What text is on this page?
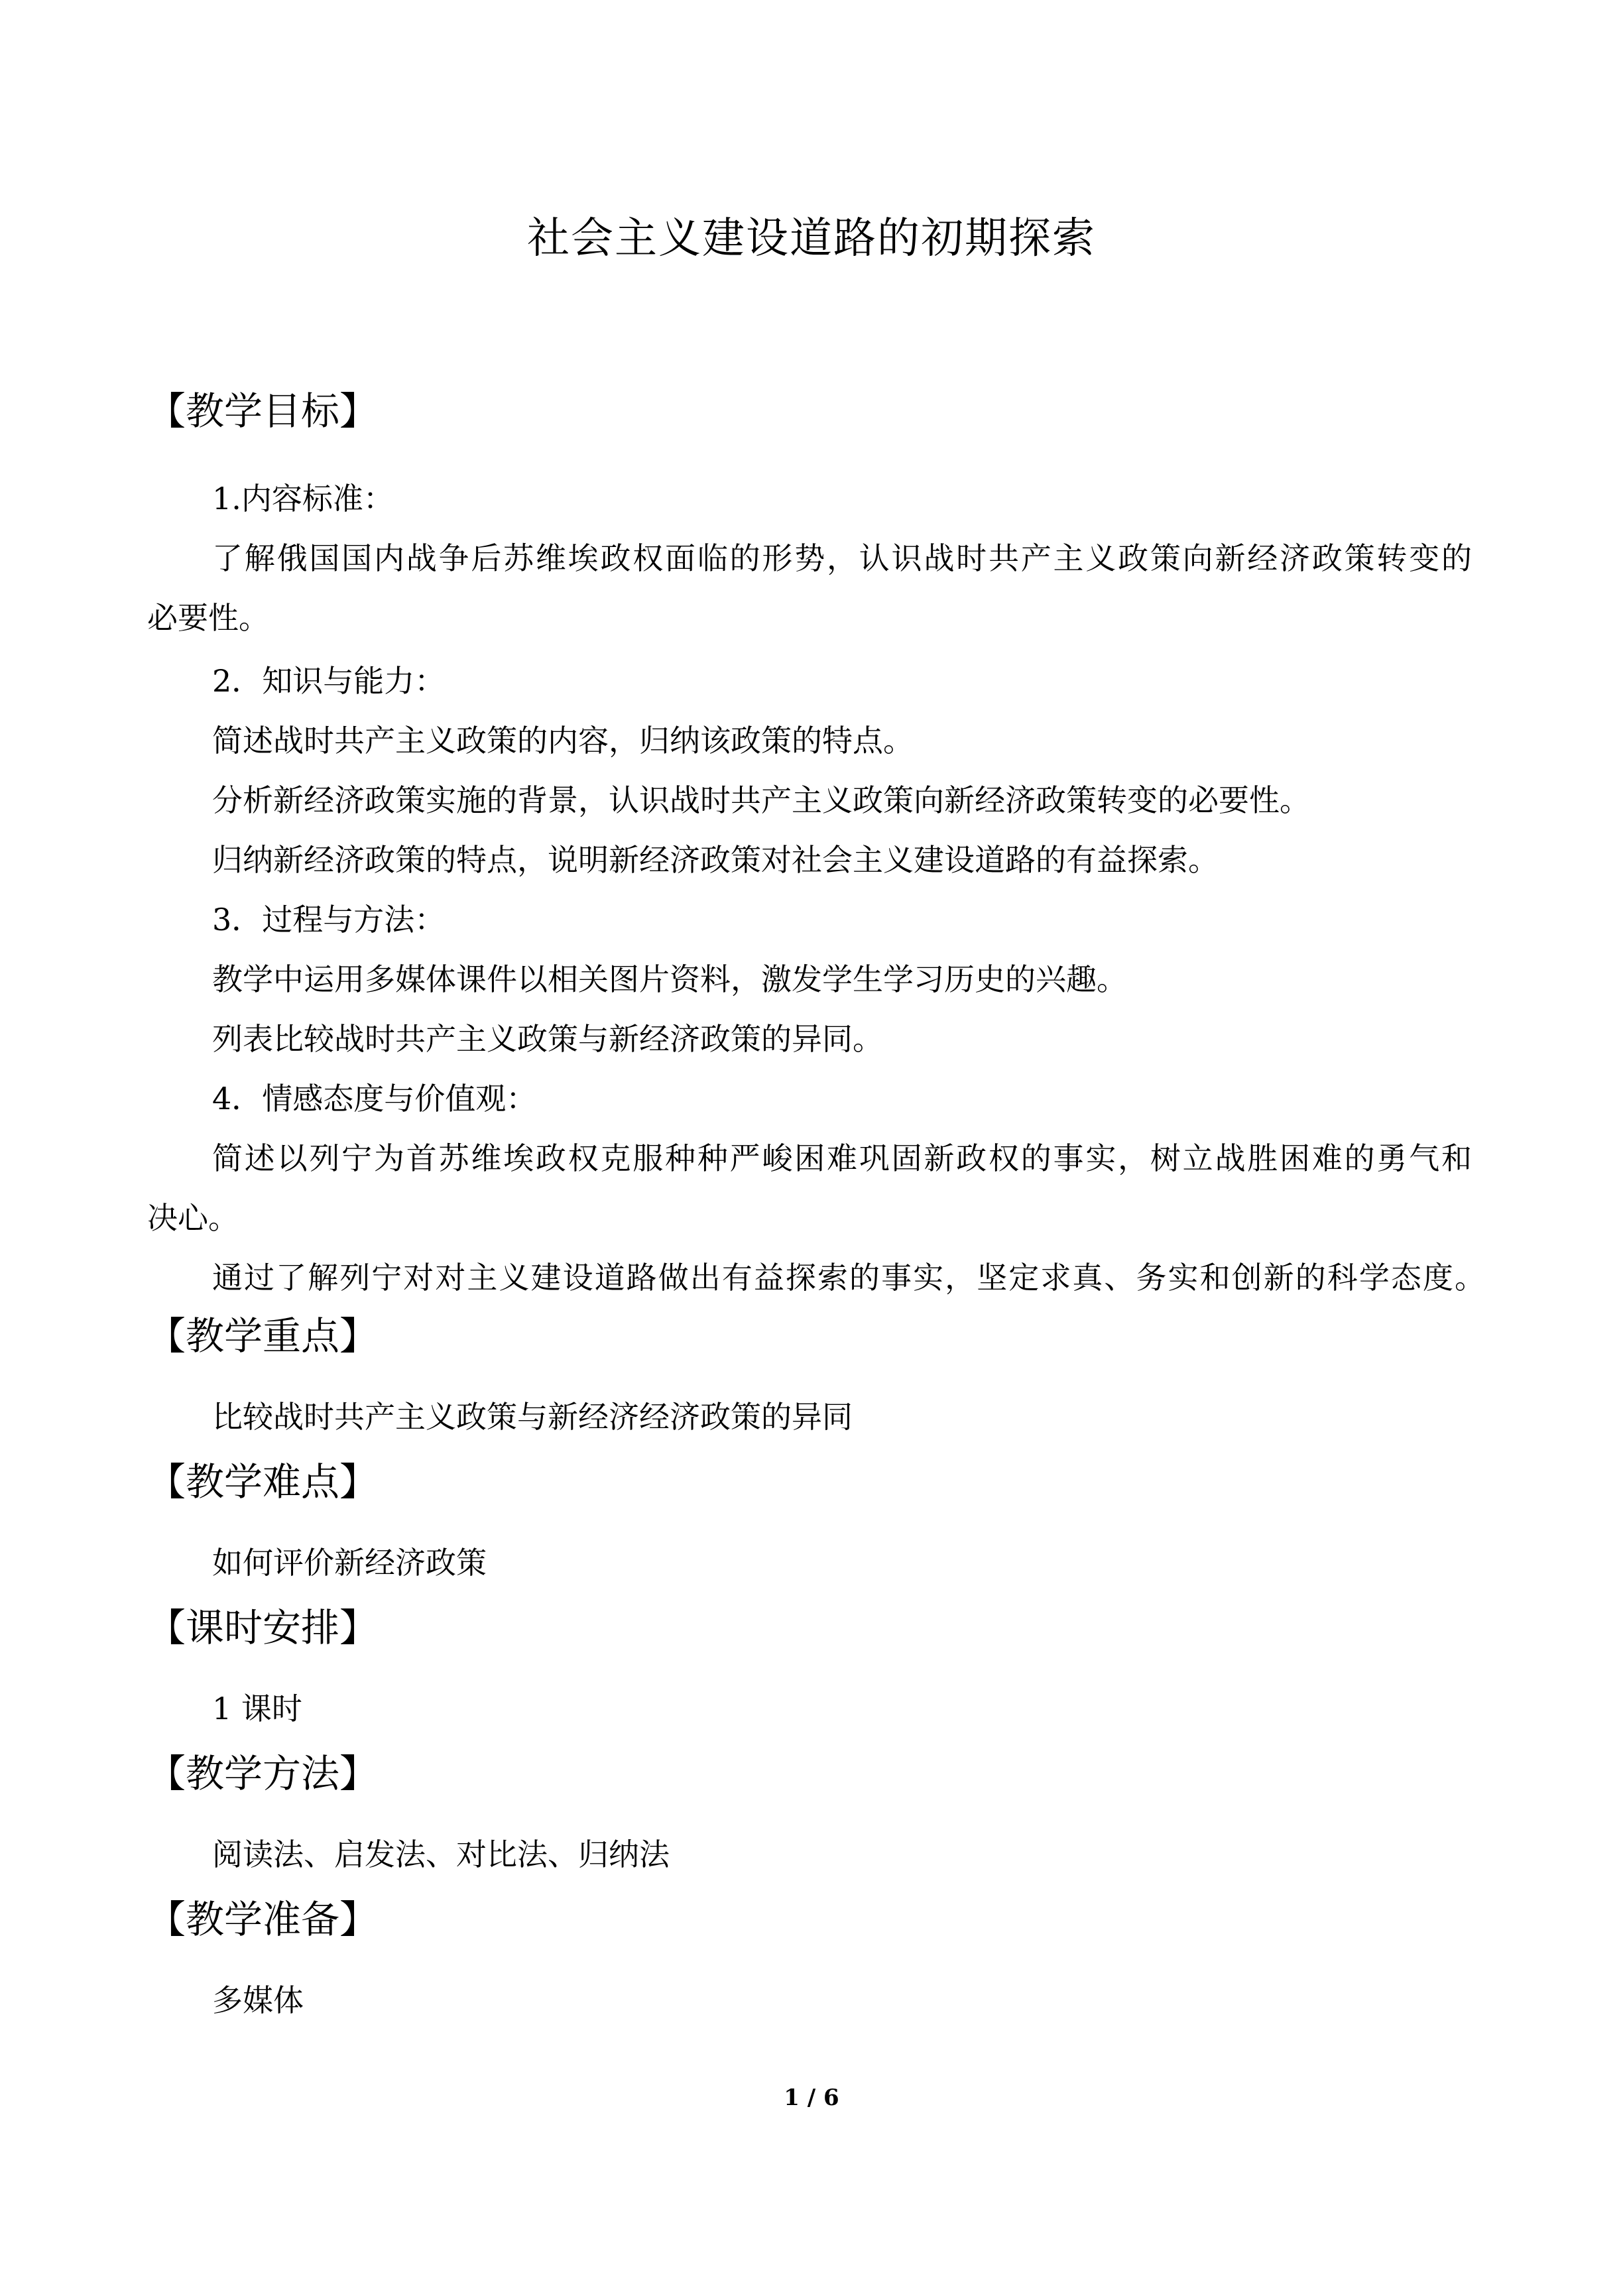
社会主义建设道路的初期探索
【教学目标】
1.内容标准：
了解俄国国内战争后苏维埃政权面临的形势，认识战时共产主义政策向新经济政策转变的
必要性。
2．知识与能力：
简述战时共产主义政策的内容，归纳该政策的特点。
分析新经济政策实施的背景，认识战时共产主义政策向新经济政策转变的必要性。
归纳新经济政策的特点，说明新经济政策对社会主义建设道路的有益探索。
3．过程与方法：
教学中运用多媒体课件以相关图片资料，激发学生学习历史的兴趣。
列表比较战时共产主义政策与新经济政策的异同。
4．情感态度与价值观：
简述以列宁为首苏维埃政权克服种种严峻困难巩固新政权的事实，树立战胜困难的勇气和
决心。
通过了解列宁对对主义建设道路做出有益探索的事实，坚定求真、务实和创新的科学态度。
【教学重点】
比较战时共产主义政策与新经济经济政策的异同
【教学难点】
如何评价新经济政策
【课时安排】
1 课时
【教学方法】
阅读法、启发法、对比法、归纳法
【教学准备】
多媒体
1 / 6
